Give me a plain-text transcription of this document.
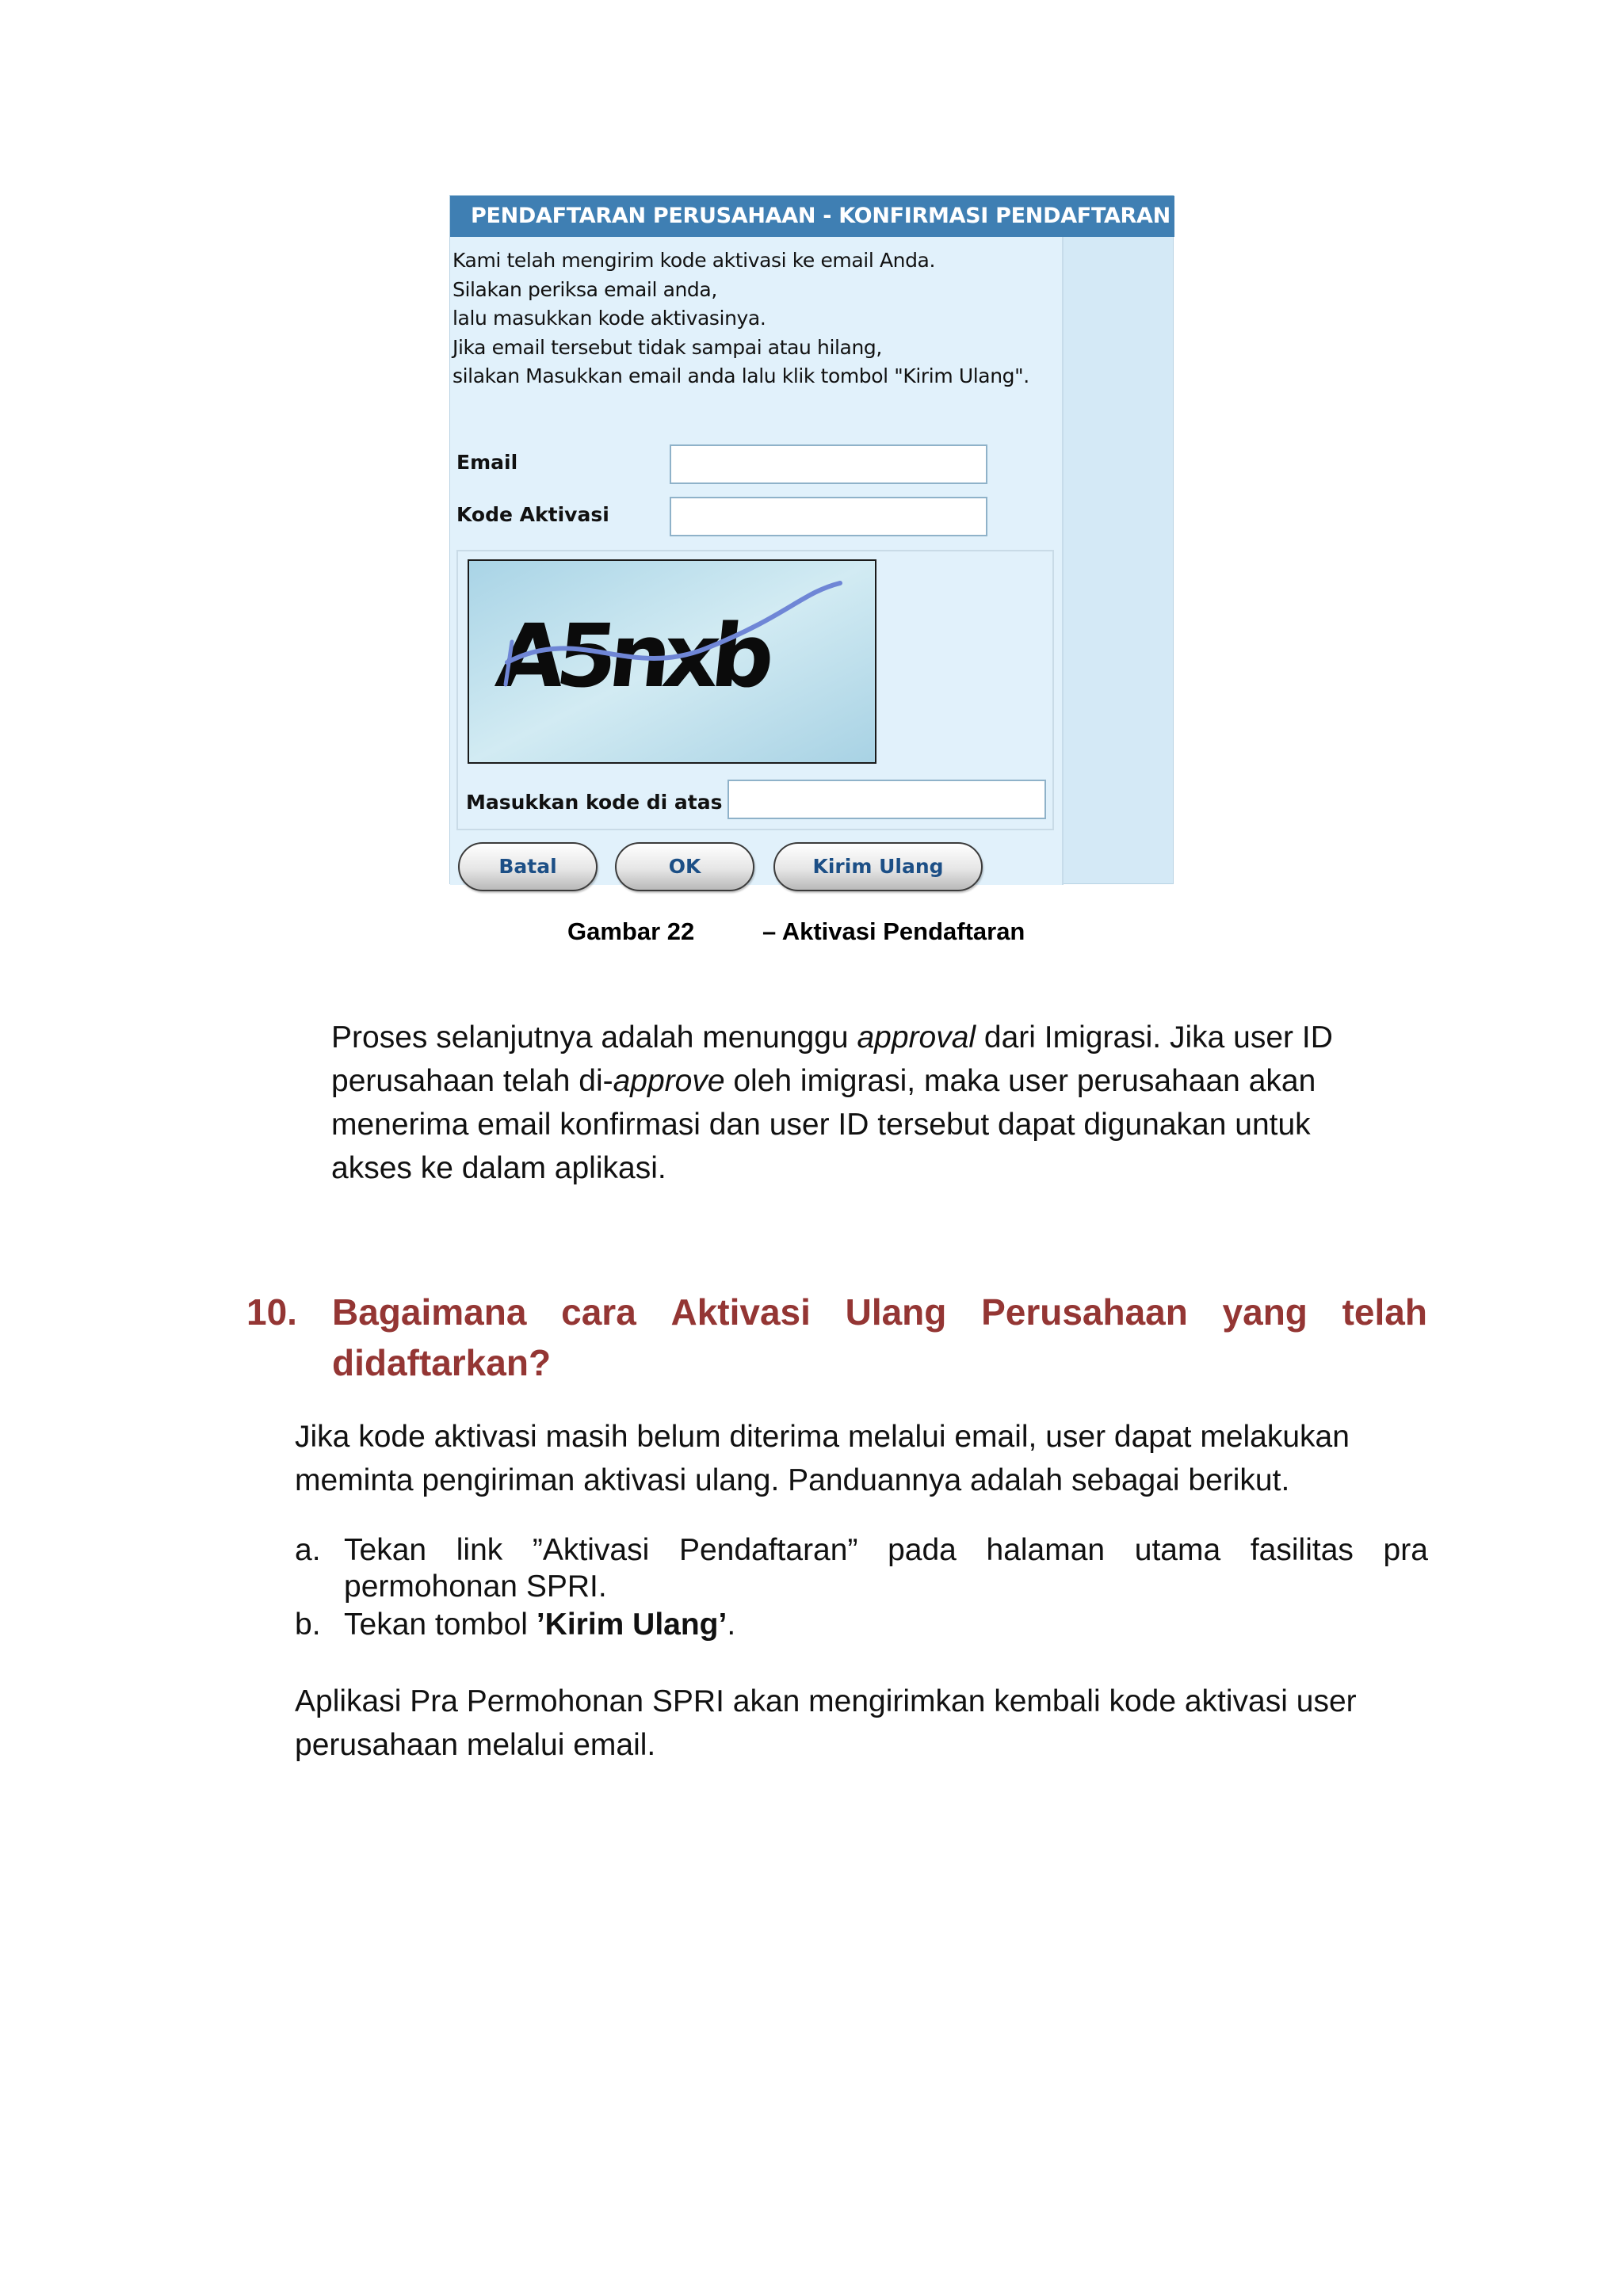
PENDAFTARAN PERUSAHAAN - KONFIRMASI PENDAFTARAN
Kami telah mengirim kode aktivasi ke email Anda.
Silakan periksa email anda,
lalu masukkan kode aktivasinya.
Jika email tersebut tidak sampai atau hilang,
silakan Masukkan email anda lalu klik tombol "Kirim Ulang".
Email
Kode Aktivasi
A5nxb
Masukkan kode di atas
Batal	OK	Kirim Ulang
Gambar 22	– Aktivasi Pendaftaran
Proses selanjutnya adalah menunggu approval dari Imigrasi. Jika user ID
perusahaan telah di-approve oleh imigrasi, maka user perusahaan akan
menerima email konfirmasi dan user ID tersebut dapat digunakan untuk
akses ke dalam aplikasi.
10. Bagaimana cara Aktivasi Ulang Perusahaan yang telah
didaftarkan?
Jika kode aktivasi masih belum diterima melalui email, user dapat melakukan
meminta pengiriman aktivasi ulang. Panduannya adalah sebagai berikut.
a. Tekan link ”Aktivasi Pendaftaran” pada halaman utama fasilitas pra
permohonan SPRI.
b. Tekan tombol ’Kirim Ulang’.
Aplikasi Pra Permohonan SPRI akan mengirimkan kembali kode aktivasi user
perusahaan melalui email.
